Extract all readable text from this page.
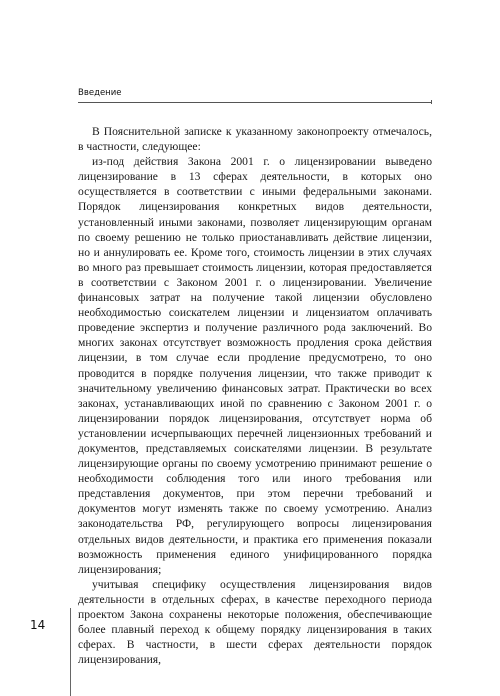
Введение

В Пояснительной записке к указанному законопроекту отмечалось, в частности, следующее:

из-под действия Закона 2001 г. о лицензировании выведено лицензирование в 13 сферах деятельности, в которых оно осуществляется в соответствии с иными федеральными законами. Порядок лицензирования конкретных видов деятельности, установленный иными законами, позволяет лицензирующим органам по своему решению не только приостанавливать действие лицензии, но и аннулировать ее. Кроме того, стоимость лицензии в этих случаях во много раз превышает стоимость лицензии, которая предоставляется в соответствии с Законом 2001 г. о лицензировании. Увеличение финансовых затрат на получение такой лицензии обусловлено необходимостью соискателем лицензии и лицензиатом оплачивать проведение экспертиз и получение различного рода заключений. Во многих законах отсутствует возможность продления срока действия лицензии, в том случае если продление предусмотрено, то оно проводится в порядке получения лицензии, что также приводит к значительному увеличению финансовых затрат. Практически во всех законах, устанавливающих иной по сравнению с Законом 2001 г. о лицензировании порядок лицензирования, отсутствует норма об установлении исчерпывающих перечней лицензионных требований и документов, представляемых соискателями лицензии. В результате лицензирующие органы по своему усмотрению принимают решение о необходимости соблюдения того или иного требования или представления документов, при этом перечни требований и документов могут изменять также по своему усмотрению. Анализ законодательства РФ, регулирующего вопросы лицензирования отдельных видов деятельности, и практика его применения показали возможность применения единого унифицированного порядка лицензирования;

учитывая специфику осуществления лицензирования видов деятельности в отдельных сферах, в качестве переходного периода проектом Закона сохранены некоторые положения, обеспечивающие более плавный переход к общему порядку лицензирования в таких сферах. В частности, в шести сферах деятельности порядок лицензирования,

14
